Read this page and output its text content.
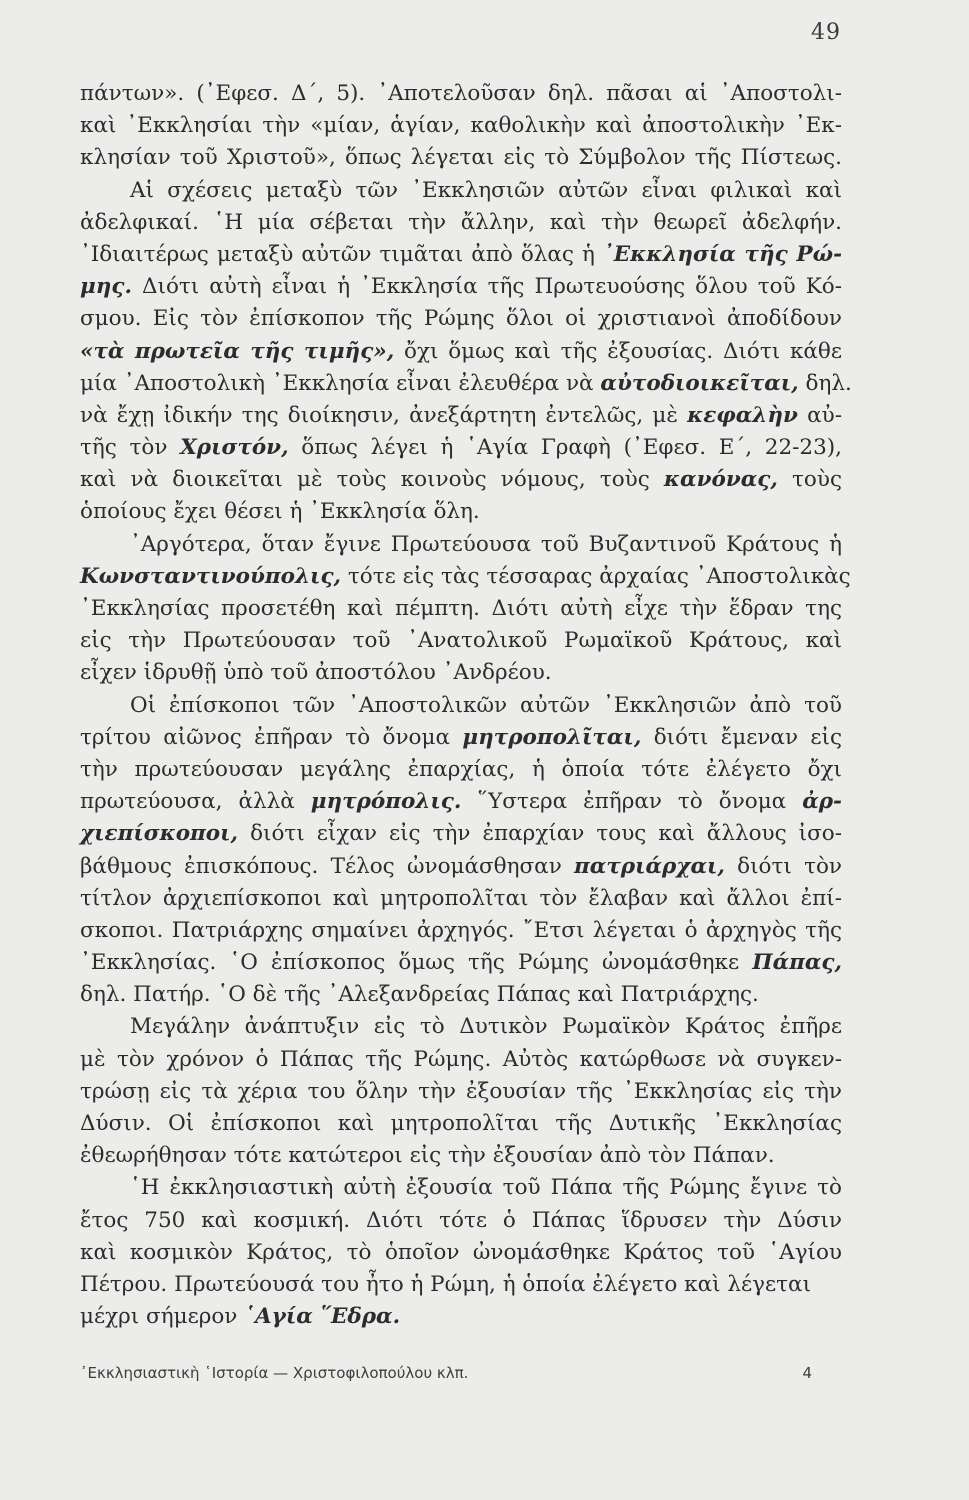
49
πάντων». (᾿Εφεσ. Δ΄, 5). ᾿Αποτελοῦσαν δηλ. πᾶσαι αἱ ᾿Αποστολι-
καὶ ᾿Εκκλησίαι τὴν «μίαν, ἁγίαν, καθολικὴν καὶ ἀποστολικὴν ᾿Εκ-
κλησίαν τοῦ Χριστοῦ», ὅπως λέγεται εἰς τὸ Σύμβολον τῆς Πίστεως.
Αἱ σχέσεις μεταξὺ τῶν ᾿Εκκλησιῶν αὐτῶν εἶναι φιλικαὶ καὶ
ἀδελφικαί. ῾Η μία σέβεται τὴν ἄλλην, καὶ τὴν θεωρεῖ ἀδελφήν.
᾿Ιδιαιτέρως μεταξὺ αὐτῶν τιμᾶται ἀπὸ ὅλας ἡ ᾿Εκκλησία τῆς Ρώ-
μης. Διότι αὐτὴ εἶναι ἡ ᾿Εκκλησία τῆς Πρωτευούσης ὅλου τοῦ Κό-
σμου. Εἰς τὸν ἐπίσκοπον τῆς Ρώμης ὅλοι οἱ χριστιανοὶ ἀποδίδουν
«τὰ πρωτεῖα τῆς τιμῆς», ὄχι ὅμως καὶ τῆς ἐξουσίας. Διότι κάθε
μία ᾿Αποστολικὴ ᾿Εκκλησία εἶναι ἐλευθέρα νὰ αὐτοδιοικεῖται, δηλ.
νὰ ἔχῃ ἰδικήν της διοίκησιν, ἀνεξάρτητη ἐντελῶς, μὲ κεφαλὴν αὐ-
τῆς τὸν Χριστόν, ὅπως λέγει ἡ ῾Αγία Γραφὴ (᾿Εφεσ. Ε΄, 22-23),
καὶ νὰ διοικεῖται μὲ τοὺς κοινοὺς νόμους, τοὺς κανόνας, τοὺς
ὁποίους ἔχει θέσει ἡ ᾿Εκκλησία ὅλη.
᾿Αργότερα, ὅταν ἔγινε Πρωτεύουσα τοῦ Βυζαντινοῦ Κράτους ἡ
Κωνσταντινούπολις, τότε εἰς τὰς τέσσαρας ἀρχαίας ᾿Αποστολικὰς
᾿Εκκλησίας προσετέθη καὶ πέμπτη. Διότι αὐτὴ εἶχε τὴν ἕδραν της
εἰς τὴν Πρωτεύουσαν τοῦ ᾿Ανατολικοῦ Ρωμαϊκοῦ Κράτους, καὶ
εἶχεν ἱδρυθῇ ὑπὸ τοῦ ἀποστόλου ᾿Ανδρέου.
Οἱ ἐπίσκοποι τῶν ᾿Αποστολικῶν αὐτῶν ᾿Εκκλησιῶν ἀπὸ τοῦ
τρίτου αἰῶνος ἐπῆραν τὸ ὄνομα μητροπολῖται, διότι ἔμεναν εἰς
τὴν πρωτεύουσαν μεγάλης ἐπαρχίας, ἡ ὁποία τότε ἐλέγετο ὄχι
πρωτεύουσα, ἀλλὰ μητρόπολις. ῞Υστερα ἐπῆραν τὸ ὄνομα ἀρ-
χιεπίσκοποι, διότι εἶχαν εἰς τὴν ἐπαρχίαν τους καὶ ἄλλους ἰσο-
βάθμους ἐπισκόπους. Τέλος ὠνομάσθησαν πατριάρχαι, διότι τὸν
τίτλον ἀρχιεπίσκοποι καὶ μητροπολῖται τὸν ἔλαβαν καὶ ἄλλοι ἐπί-
σκοποι. Πατριάρχης σημαίνει ἀρχηγός. ῎Ετσι λέγεται ὁ ἀρχηγὸς τῆς
᾿Εκκλησίας. ῾Ο ἐπίσκοπος ὅμως τῆς Ρώμης ὠνομάσθηκε Πάπας,
δηλ. Πατήρ. ῾Ο δὲ τῆς ᾿Αλεξανδρείας Πάπας καὶ Πατριάρχης.
Μεγάλην ἀνάπτυξιν εἰς τὸ Δυτικὸν Ρωμαϊκὸν Κράτος ἐπῆρε
μὲ τὸν χρόνον ὁ Πάπας τῆς Ρώμης. Αὐτὸς κατώρθωσε νὰ συγκεν-
τρώσῃ εἰς τὰ χέρια του ὅλην τὴν ἐξουσίαν τῆς ᾿Εκκλησίας εἰς τὴν
Δύσιν. Οἱ ἐπίσκοποι καὶ μητροπολῖται τῆς Δυτικῆς ᾿Εκκλησίας
ἐθεωρήθησαν τότε κατώτεροι εἰς τὴν ἐξουσίαν ἀπὸ τὸν Πάπαν.
῾Η ἐκκλησιαστικὴ αὐτὴ ἐξουσία τοῦ Πάπα τῆς Ρώμης ἔγινε τὸ
ἔτος 750 καὶ κοσμική. Διότι τότε ὁ Πάπας ἵδρυσεν τὴν Δύσιν
καὶ κοσμικὸν Κράτος, τὸ ὁποῖον ὠνομάσθηκε Κράτος τοῦ ῾Αγίου
Πέτρου. Πρωτεύουσά του ἦτο ἡ Ρώμη, ἡ ὁποία ἐλέγετο καὶ λέγεται
μέχρι σήμερον ῾Αγία ῞Εδρα.
᾿Εκκλησιαστικὴ ῾Ιστορία — Χριστοφιλοπούλου κλπ.	4
